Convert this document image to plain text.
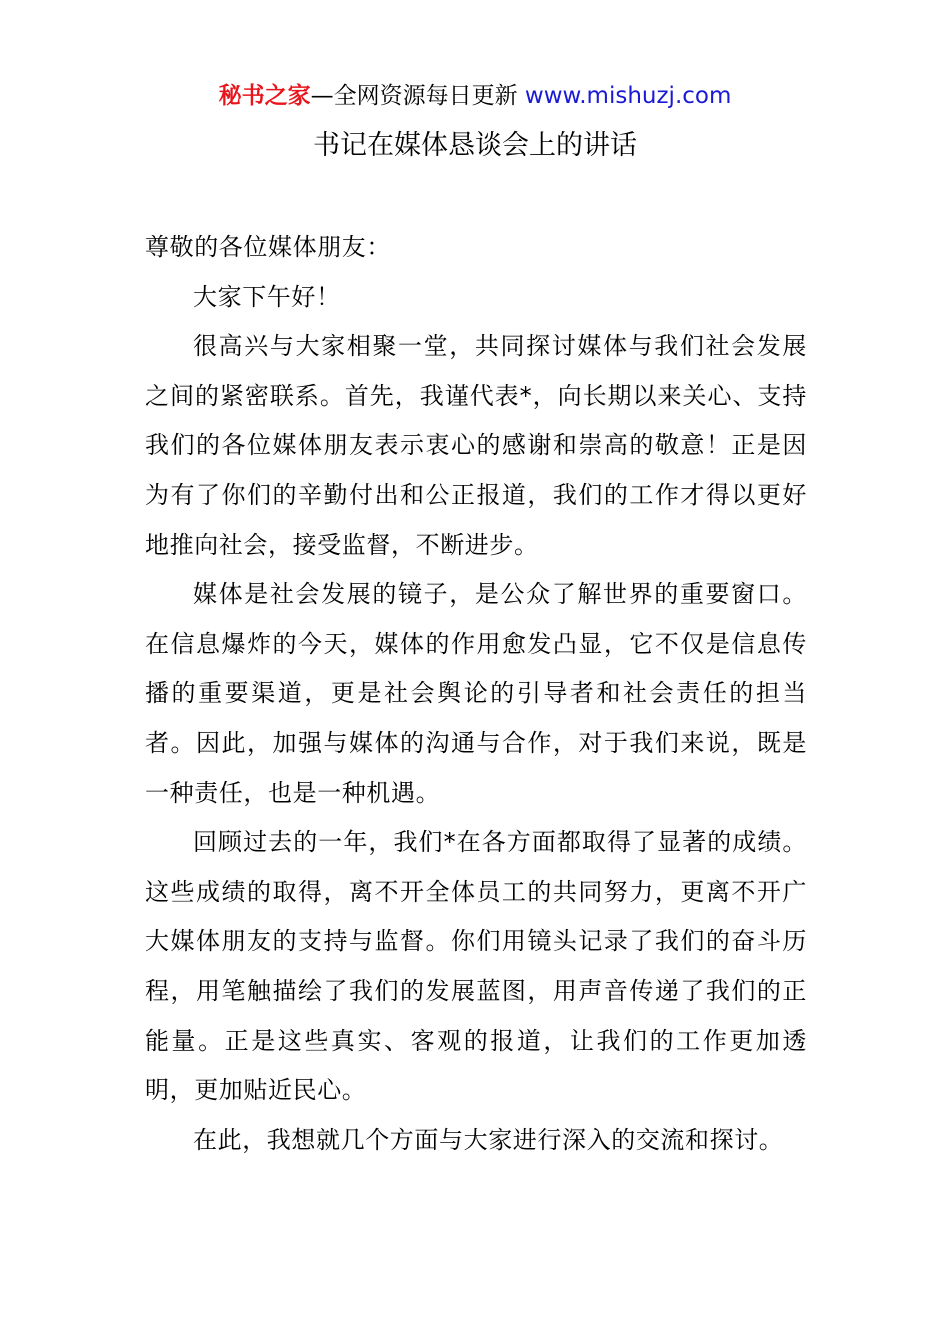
秘书之家—全网资源每日更新 www.mishuzj.com
书记在媒体恳谈会上的讲话

尊敬的各位媒体朋友：

大家下午好！

很高兴与大家相聚一堂，共同探讨媒体与我们社会发展之间的紧密联系。首先，我谨代表*，向长期以来关心、支持我们的各位媒体朋友表示衷心的感谢和崇高的敬意！正是因为有了你们的辛勤付出和公正报道，我们的工作才得以更好地推向社会，接受监督，不断进步。

媒体是社会发展的镜子，是公众了解世界的重要窗口。在信息爆炸的今天，媒体的作用愈发凸显，它不仅是信息传播的重要渠道，更是社会舆论的引导者和社会责任的担当者。因此，加强与媒体的沟通与合作，对于我们来说，既是一种责任，也是一种机遇。

回顾过去的一年，我们*在各方面都取得了显著的成绩。这些成绩的取得，离不开全体员工的共同努力，更离不开广大媒体朋友的支持与监督。你们用镜头记录了我们的奋斗历程，用笔触描绘了我们的发展蓝图，用声音传递了我们的正能量。正是这些真实、客观的报道，让我们的工作更加透明，更加贴近民心。

在此，我想就几个方面与大家进行深入的交流和探讨。
